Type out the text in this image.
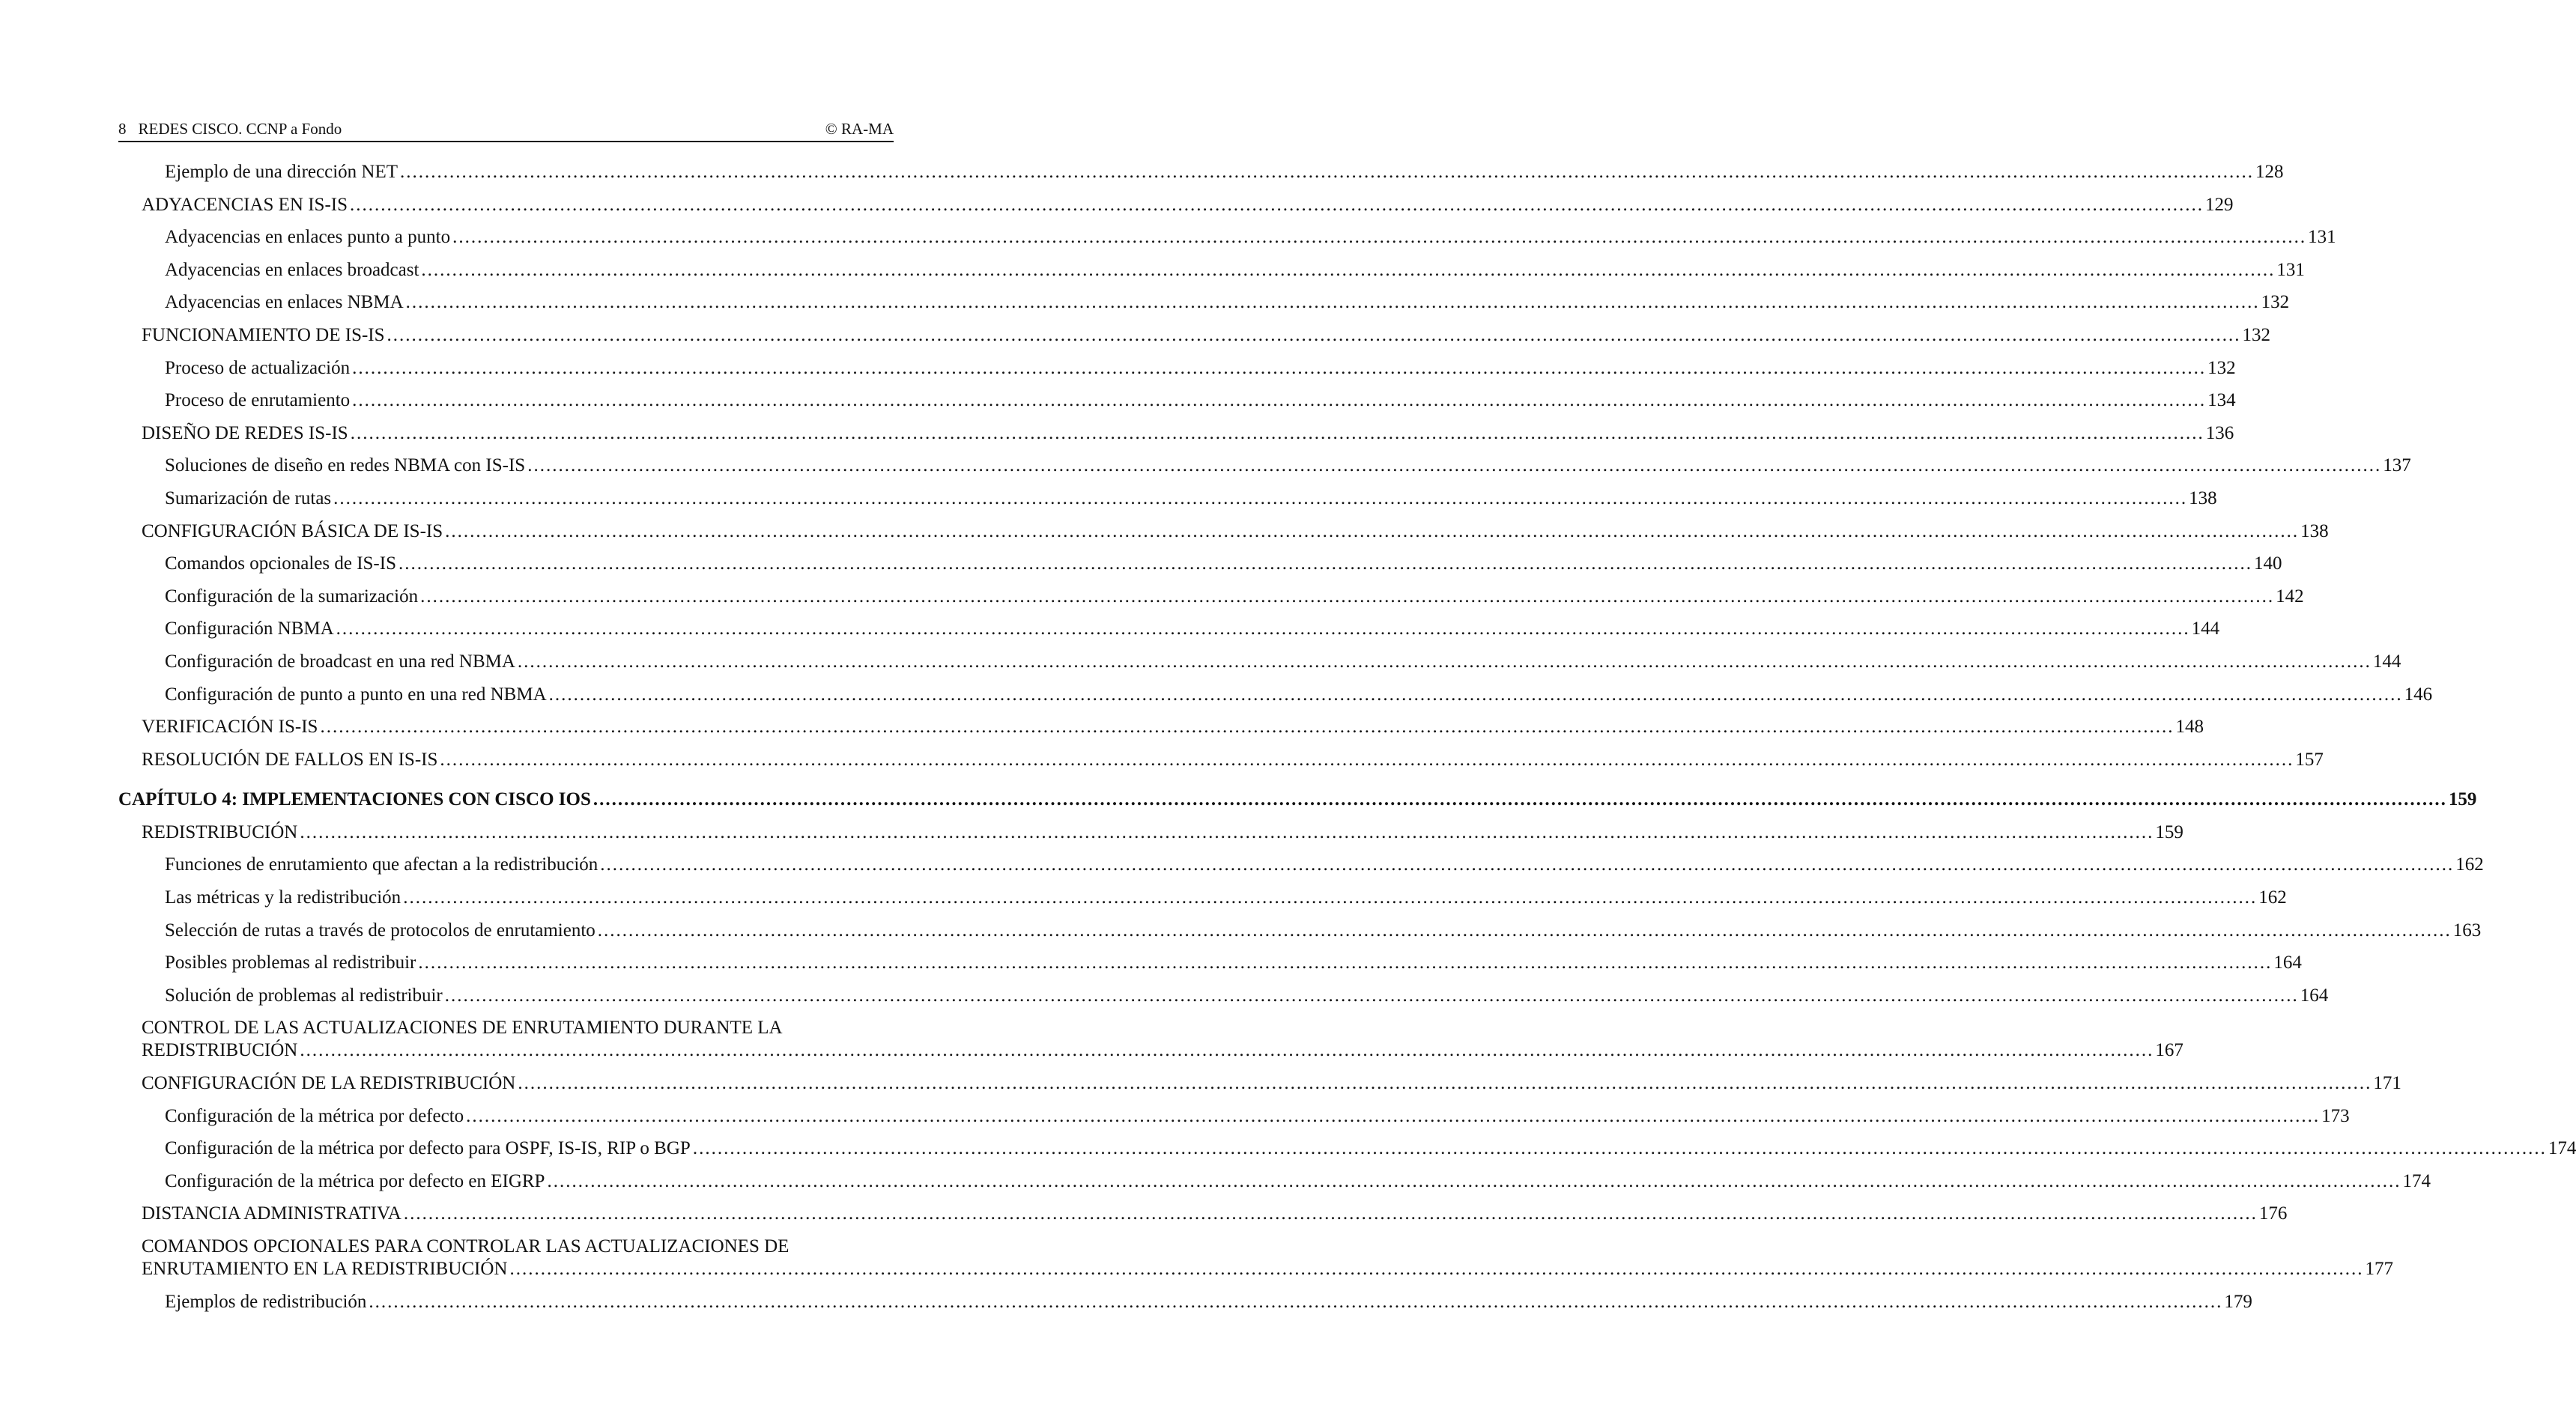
8 REDES CISCO. CCNP a Fondo	© RA-MA
Ejemplo de una dirección NET ............................................................................................................................................................................................................................................................................................................ 128
ADYACENCIAS EN IS-IS ............................................................................................................................................................................................................................................................................................................ 129
Adyacencias en enlaces punto a punto ............................................................................................................................................................................................................................................................................................................ 131
Adyacencias en enlaces broadcast ............................................................................................................................................................................................................................................................................................................ 131
Adyacencias en enlaces NBMA ............................................................................................................................................................................................................................................................................................................ 132
FUNCIONAMIENTO DE IS-IS ............................................................................................................................................................................................................................................................................................................ 132
Proceso de actualización ............................................................................................................................................................................................................................................................................................................ 132
Proceso de enrutamiento ............................................................................................................................................................................................................................................................................................................ 134
DISEÑO DE REDES IS-IS ............................................................................................................................................................................................................................................................................................................ 136
Soluciones de diseño en redes NBMA con IS-IS ............................................................................................................................................................................................................................................................................................................ 137
Sumarización de rutas ............................................................................................................................................................................................................................................................................................................ 138
CONFIGURACIÓN BÁSICA DE IS-IS ............................................................................................................................................................................................................................................................................................................ 138
Comandos opcionales de IS-IS ............................................................................................................................................................................................................................................................................................................ 140
Configuración de la sumarización ............................................................................................................................................................................................................................................................................................................ 142
Configuración NBMA ............................................................................................................................................................................................................................................................................................................ 144
Configuración de broadcast en una red NBMA ............................................................................................................................................................................................................................................................................................................ 144
Configuración de punto a punto en una red NBMA ............................................................................................................................................................................................................................................................................................................ 146
VERIFICACIÓN IS-IS ............................................................................................................................................................................................................................................................................................................ 148
RESOLUCIÓN DE FALLOS EN IS-IS ............................................................................................................................................................................................................................................................................................................ 157
CAPÍTULO 4: IMPLEMENTACIONES CON CISCO IOS ............................................................................................................................................................................................................................................................................................................ 159
REDISTRIBUCIÓN ............................................................................................................................................................................................................................................................................................................ 159
Funciones de enrutamiento que afectan a la redistribución ............................................................................................................................................................................................................................................................................................................ 162
Las métricas y la redistribución ............................................................................................................................................................................................................................................................................................................ 162
Selección de rutas a través de protocolos de enrutamiento ............................................................................................................................................................................................................................................................................................................ 163
Posibles problemas al redistribuir ............................................................................................................................................................................................................................................................................................................ 164
Solución de problemas al redistribuir ............................................................................................................................................................................................................................................................................................................ 164
CONTROL DE LAS ACTUALIZACIONES DE ENRUTAMIENTO DURANTE LA
REDISTRIBUCIÓN ............................................................................................................................................................................................................................................................................................................ 167
CONFIGURACIÓN DE LA REDISTRIBUCIÓN ............................................................................................................................................................................................................................................................................................................ 171
Configuración de la métrica por defecto ............................................................................................................................................................................................................................................................................................................ 173
Configuración de la métrica por defecto para OSPF, IS-IS, RIP o BGP ............................................................................................................................................................................................................................................................................................................ 174
Configuración de la métrica por defecto en EIGRP ............................................................................................................................................................................................................................................................................................................ 174
DISTANCIA ADMINISTRATIVA ............................................................................................................................................................................................................................................................................................................ 176
COMANDOS OPCIONALES PARA CONTROLAR LAS ACTUALIZACIONES DE
ENRUTAMIENTO EN LA REDISTRIBUCIÓN ............................................................................................................................................................................................................................................................................................................ 177
Ejemplos de redistribución ............................................................................................................................................................................................................................................................................................................ 179
